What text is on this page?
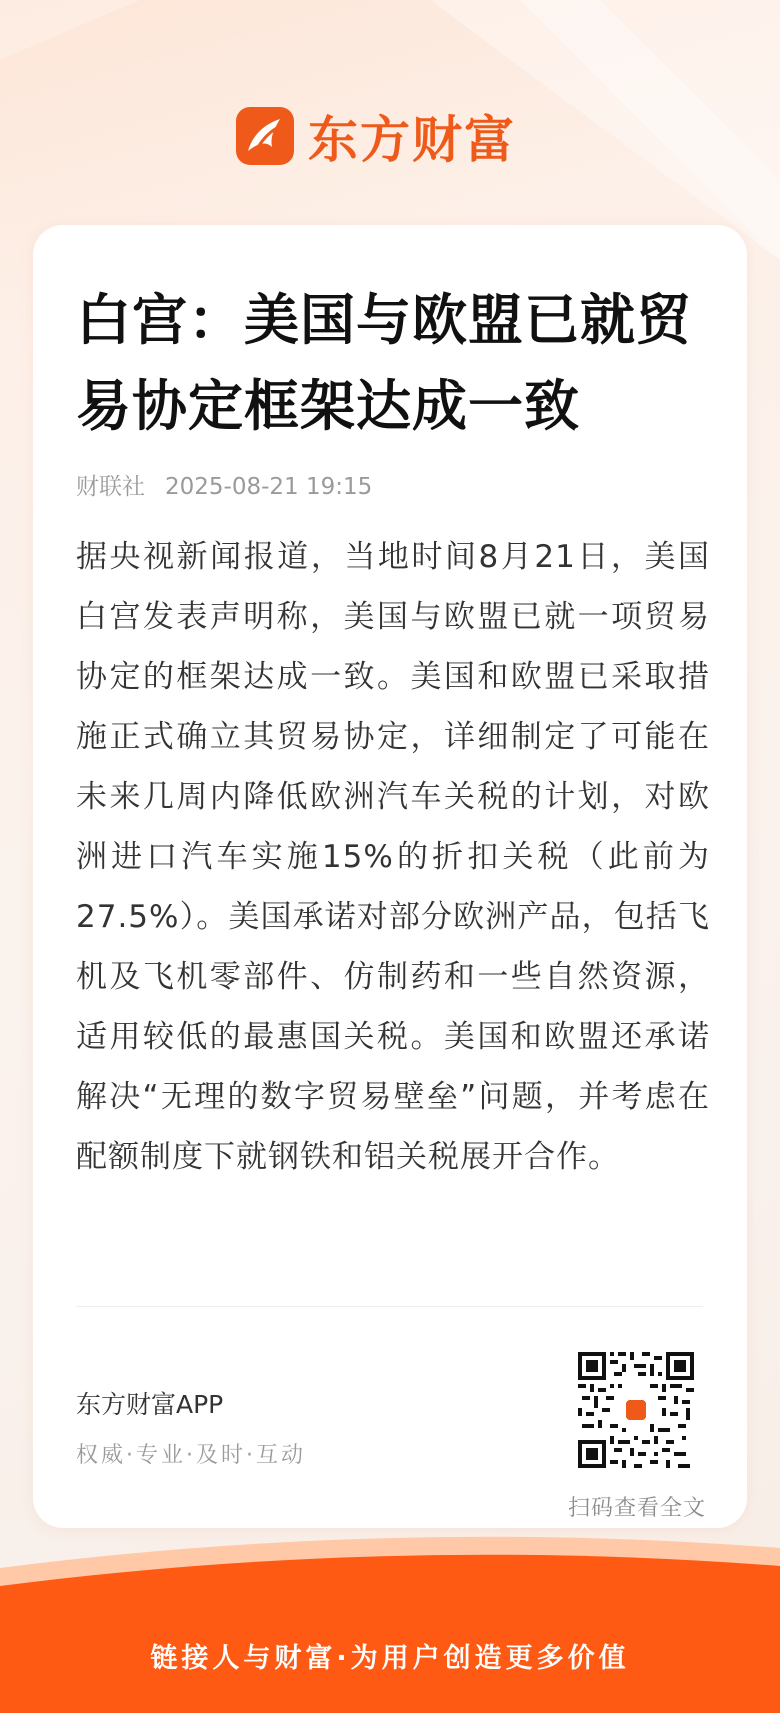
东方财富
白宫：美国与欧盟已就贸易协定框架达成一致
财联社 2025-08-21 19:15
据央视新闻报道，当地时间8月21日，美国白宫发表声明称，美国与欧盟已就一项贸易协定的框架达成一致。美国和欧盟已采取措施正式确立其贸易协定，详细制定了可能在未来几周内降低欧洲汽车关税的计划，对欧洲进口汽车实施15%的折扣关税（此前为27.5%）。美国承诺对部分欧洲产品，包括飞机及飞机零部件、仿制药和一些自然资源，适用较低的最惠国关税。美国和欧盟还承诺解决“无理的数字贸易壁垒”问题，并考虑在配额制度下就钢铁和铝关税展开合作。
东方财富APP
权威·专业·及时·互动
扫码查看全文
链接人与财富·为用户创造更多价值
